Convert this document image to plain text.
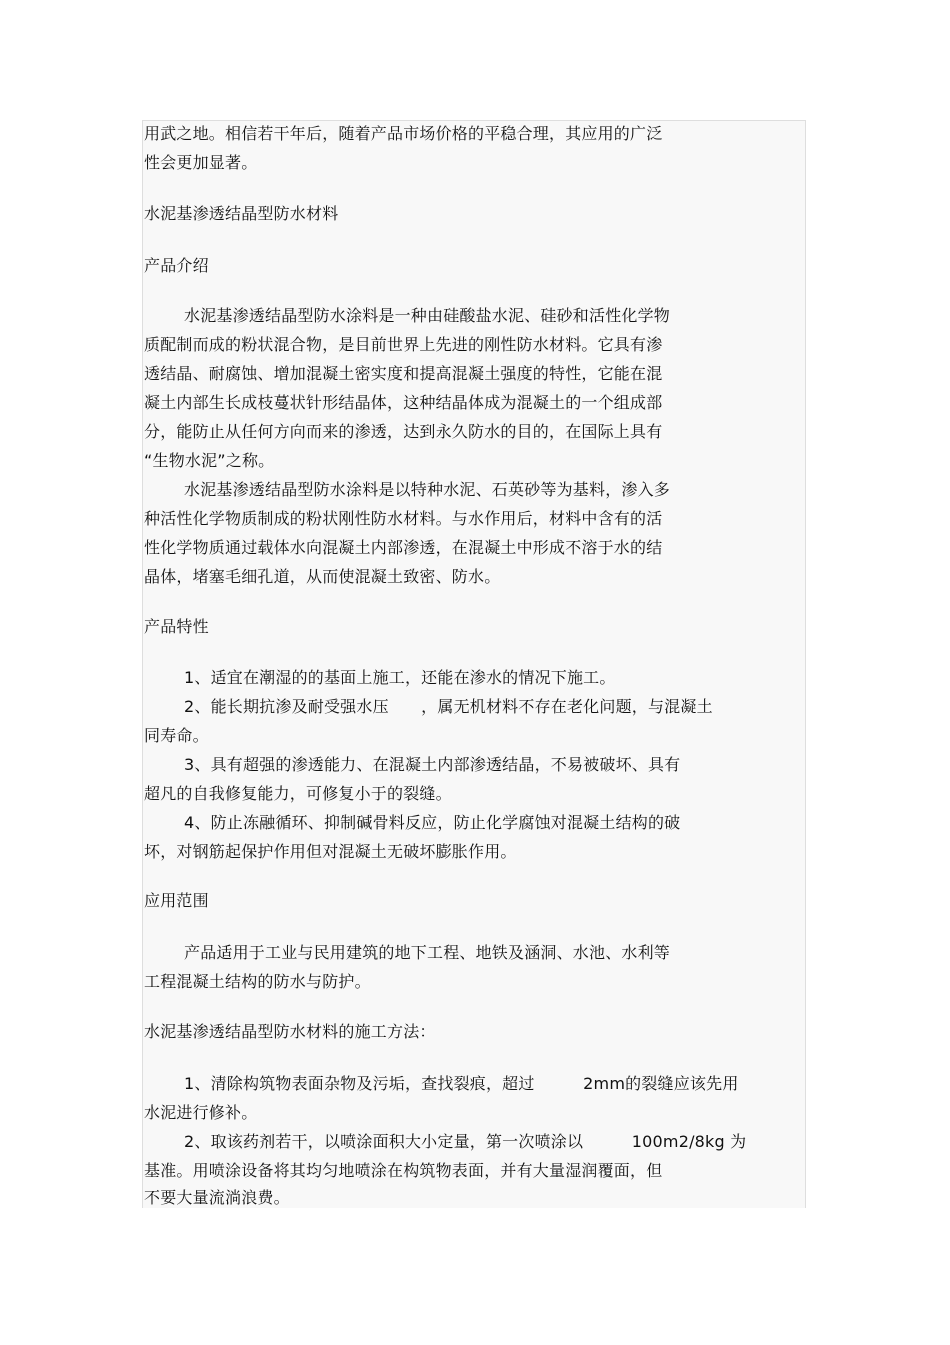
用武之地。相信若干年后，随着产品市场价格的平稳合理，其应用的广泛
性会更加显著。
水泥基渗透结晶型防水材料
产品介绍
水泥基渗透结晶型防水涂料是一种由硅酸盐水泥、硅砂和活性化学物
质配制而成的粉状混合物，是目前世界上先进的刚性防水材料。它具有渗
透结晶、耐腐蚀、增加混凝土密实度和提高混凝土强度的特性，它能在混
凝土内部生长成枝蔓状针形结晶体，这种结晶体成为混凝土的一个组成部
分，能防止从任何方向而来的渗透，达到永久防水的目的，在国际上具有
“生物水泥”之称。
水泥基渗透结晶型防水涂料是以特种水泥、石英砂等为基料，渗入多
种活性化学物质制成的粉状刚性防水材料。与水作用后，材料中含有的活
性化学物质通过载体水向混凝土内部渗透，在混凝土中形成不溶于水的结
晶体，堵塞毛细孔道，从而使混凝土致密、防水。
产品特性
1、适宜在潮湿的的基面上施工，还能在渗水的情况下施工。
2、能长期抗渗及耐受强水压　　，属无机材料不存在老化问题，与混凝土
同寿命。
3、具有超强的渗透能力、在混凝土内部渗透结晶，不易被破坏、具有
超凡的自我修复能力，可修复小于的裂缝。
4、防止冻融循环、抑制碱骨料反应，防止化学腐蚀对混凝土结构的破
坏，对钢筋起保护作用但对混凝土无破坏膨胀作用。
应用范围
产品适用于工业与民用建筑的地下工程、地铁及涵洞、水池、水利等
工程混凝土结构的防水与防护。
水泥基渗透结晶型防水材料的施工方法：
1、清除构筑物表面杂物及污垢，查找裂痕，超过　　　2mm的裂缝应该先用
水泥进行修补。
2、取该药剂若干，以喷涂面积大小定量，第一次喷涂以　　　100m2/8kg 为
基准。用喷涂设备将其均匀地喷涂在构筑物表面，并有大量湿润覆面，但
不要大量流淌浪费。
